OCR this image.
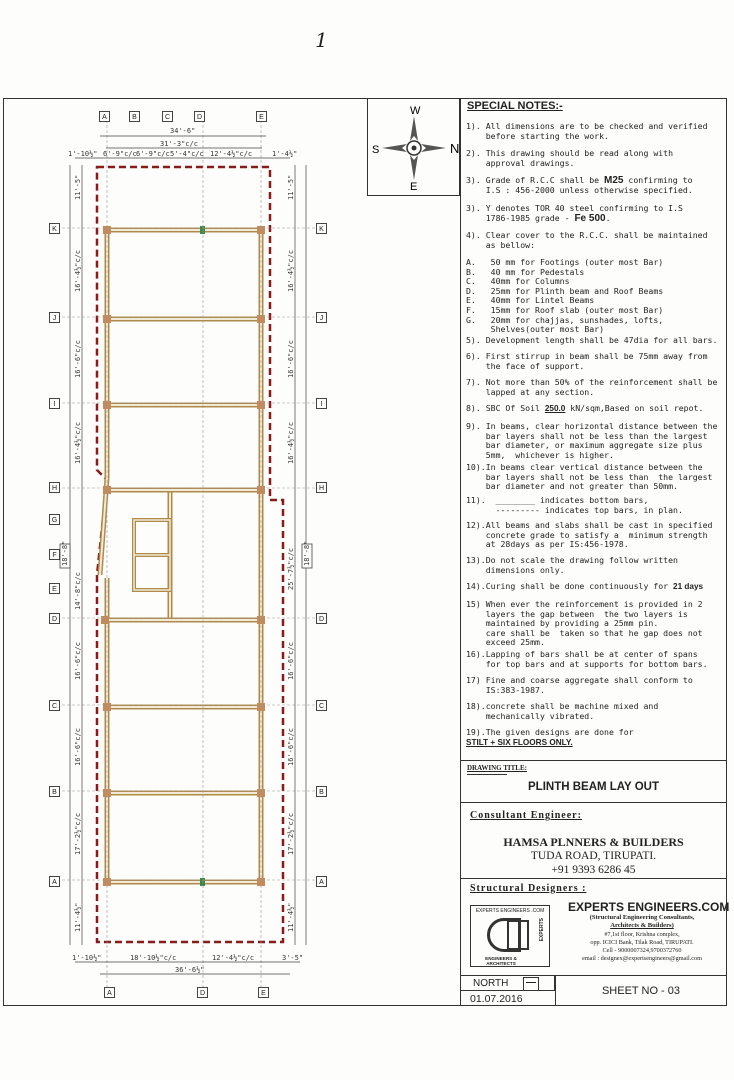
1
W
N
S
E
SPECIAL NOTES:-
1). All dimensions are to be checked and verified
before starting the work.
2). This drawing should be read along with
approval drawings.
3). Grade of R.C.C shall be M25 confirming to
I.S : 456-2000 unless otherwise specified.
3). Y denotes TOR 40 steel confirming to I.S
1786-1985 grade - Fe 500.
4). Clear cover to the R.C.C. shall be maintained
as bellow:
A.   50 mm for Footings (outer most Bar)
B.   40 mm for Pedestals
C.   40mm for Columns
D.   25mm for Plinth beam and Roof Beams
E.   40mm for Lintel Beams
F.   15mm for Roof slab (outer most Bar)
G.   20mm for chajjas, sunshades, lofts,
Shelves(outer most Bar)
5). Development length shall be 47dia for all bars.
6). First stirrup in beam shall be 75mm away from
the face of support.
7). Not more than 50% of the reinforcement shall be
lapped at any section.
8). SBC Of Soil 250.0 kN/sqm,Based on soil repot.
9). In beams, clear horizontal distance between the
bar layers shall not be less than the largest
bar diameter, or maximum aggregate size plus
5mm,  whichever is higher.
10).In beams clear vertical distance between the
bar layers shall not be less than  the largest
bar diameter and not greater than 50mm.
11).  ________ indicates bottom bars,
--------- indicates top bars, in plan.
12).All beams and slabs shall be cast in specified
concrete grade to satisfy a  minimum strength
at 28days as per IS:456-1978.
13).Do not scale the drawing follow written
dimensions only.
14).Curing shall be done continuously for 21 days
15) When ever the reinforcement is provided in 2
layers the gap between  the two layers is
maintained by providing a 25mm pin.
care shall be  taken so that he gap does not
exceed 25mm.
16).Lapping of bars shall be at center of spans
for top bars and at supports for bottom bars.
17) Fine and coarse aggregate shall conform to
IS:383-1987.
18).concrete shall be machine mixed and
mechanically vibrated.
19).The given designs are done for
STILT + SIX FLOORS ONLY.
DRAWING TITLE:
PLINTH BEAM LAY OUT
Consultant Engineer:
HAMSA PLNNERS & BUILDERS
TUDA ROAD, TIRUPATI.
+91 9393 6286 45
Structural Designers :
EXPERTS ENGINEERS .COM
ENGINEERS & ARCHITECTS
EXPERTS
EXPERTS ENGINEERS.COM
(Structural Engineering Consultants,
Architects & Builders)
#7,1st floor, Krishna complex,
opp. ICICI Bank, Tilak Road, TIRUPATI.
Cell - 9000007324,9700372760
email : designex@expertsengineers@gmail.com
NORTH	—
01.07.2016
SHEET NO - 03
34'-6"
31'-3"c/c
1'-10½" 6'-9"c/c 6'-9"c/c 5'-4"c/c 12'-4½"c/c	1'-4½"
1'-10½"	18'-10½"c/c	12'-4½"c/c	3'-5"
36'-6½"
11'-5"
16'-4½"c/c
16'-6"c/c
16'-4½"c/c
14'-8"c/c
16'-6"c/c
16'-6"c/c
17'-2½"c/c
11'-4½"
11'-5"
16'-4½"c/c
16'-6"c/c
16'-4½"c/c
25'-7½"c/c
16'-6"c/c
16'-6"c/c
17'-2½"c/c
11'-4½"
18'-8"	18'-8"
A	B	C	D	E
A	D	E
K
J
I
H
G
F
E
D
C
B
A
K
J
I
H
D
C
B
A
